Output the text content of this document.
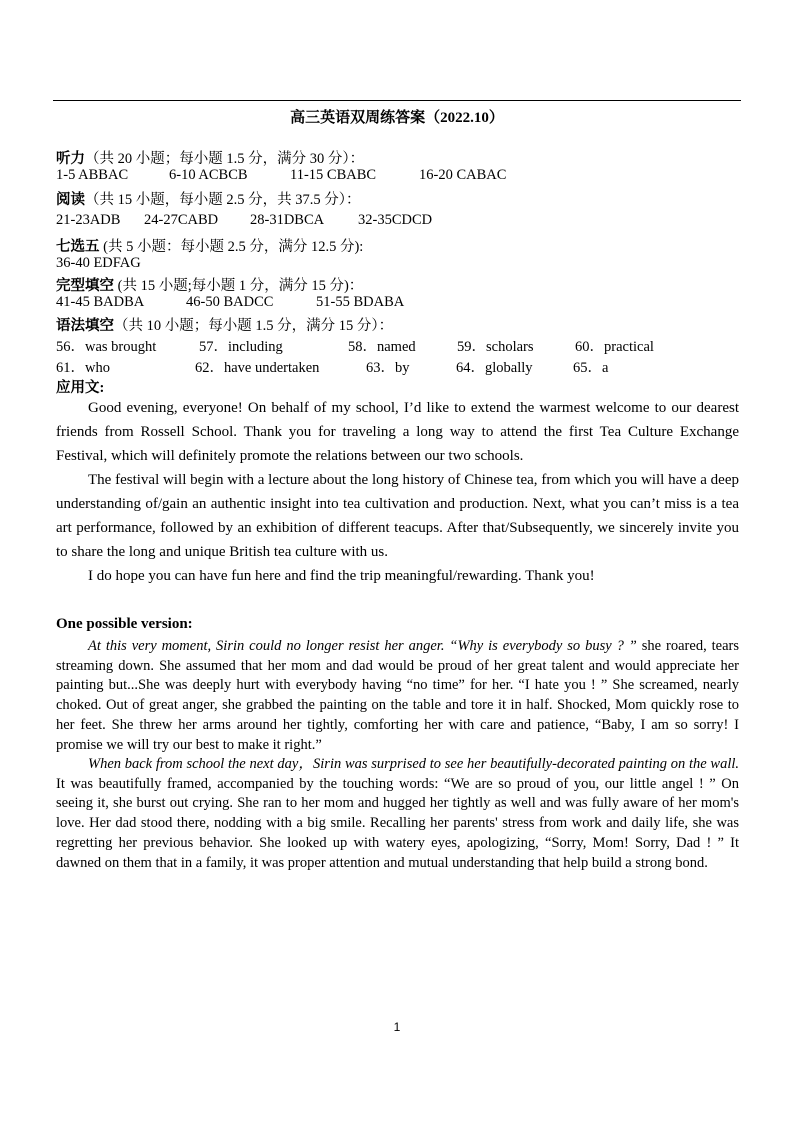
高三英语双周练答案（2022.10）
听力（共 20 小题；每小题 1.5 分，满分 30 分）：
1-5 ABBAC	6-10 ACBCB	11-15 CBABC	16-20 CABAC
阅读（共 15 小题，每小题 2.5 分，共 37.5 分）：
21-23ADB 24-27CABD 28-31DBCA 32-35CDCD
七选五 (共 5 小题：每小题 2.5 分，满分 12.5 分):
36-40 EDFAG
完型填空 (共 15 小题;每小题 1 分，满分 15 分)：
41-45 BADBA	46-50 BADCC	51-55 BDABA
语法填空（共 10 小题；每小题 1.5 分，满分 15 分）：
56．was brought	57．including	58．named	59．scholars	60．practical
61．who	62．have undertaken	63．by	64．globally	65．a
应用文:
Good evening, everyone! On behalf of my school, I’d like to extend the warmest welcome to our dearest friends from Rossell School. Thank you for traveling a long way to attend the first Tea Culture Exchange Festival, which will definitely promote the relations between our two schools.
The festival will begin with a lecture about the long history of Chinese tea, from which you will have a deep understanding of/gain an authentic insight into tea cultivation and production. Next, what you can’t miss is a tea art performance, followed by an exhibition of different teacups. After that/Subsequently, we sincerely invite you to share the long and unique British tea culture with us.
I do hope you can have fun here and find the trip meaningful/rewarding. Thank you!
One possible version:
At this very moment, Sirin could no longer resist her anger. “Why is everybody so busy ? ” she roared, tears streaming down. She assumed that her mom and dad would be proud of her great talent and would appreciate her painting but...She was deeply hurt with everybody having “no time” for her. “I hate you ! ” She screamed, nearly choked. Out of great anger, she grabbed the painting on the table and tore it in half. Shocked, Mom quickly rose to her feet. She threw her arms around her tightly, comforting her with care and patience, “Baby, I am so sorry! I promise we will try our best to make it right.”
When back from school the next day，Sirin was surprised to see her beautifully-decorated painting on the wall. It was beautifully framed, accompanied by the touching words: “We are so proud of you, our little angel ! ” On seeing it, she burst out crying. She ran to her mom and hugged her tightly as well and was fully aware of her mom's love. Her dad stood there, nodding with a big smile. Recalling her parents' stress from work and daily life, she was regretting her previous behavior. She looked up with watery eyes, apologizing, “Sorry, Mom! Sorry, Dad ! ” It dawned on them that in a family, it was proper attention and mutual understanding that help build a strong bond.
1
